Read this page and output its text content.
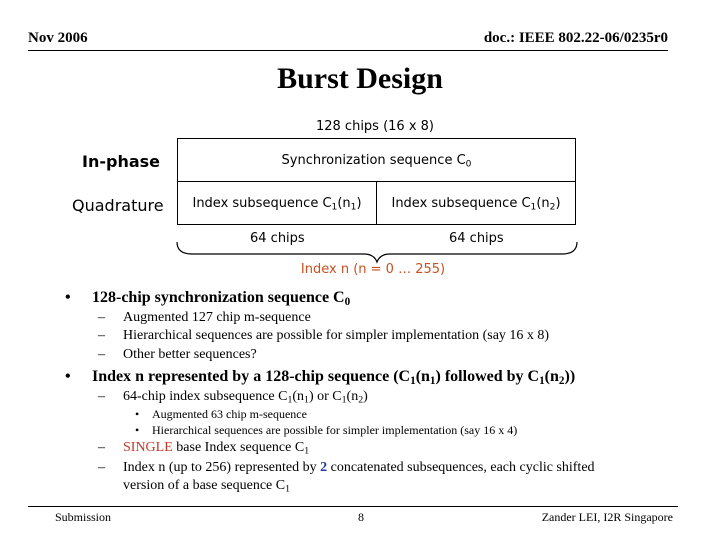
Nov 2006	doc.: IEEE 802.22-06/0235r0
Burst Design
128 chips (16 x 8)
In-phase
Quadrature
Synchronization sequence $C_0$
Index subsequence $C_1(n_1)$ Index subsequence $C_1(n_2)$
64 chips	64 chips
Index n (n = 0 … 255)
• 128-chip synchronization sequence $C_0$
– Augmented 127 chip m-sequence
– Hierarchical sequences are possible for simpler implementation (say 16 x 8)
– Other better sequences?
• Index n represented by a 128-chip sequence ($C_1(n_1)$ followed by $C_1(n_2)$)
– 64-chip index subsequence $C_1(n_1)$ or $C_1(n_2)$
• Augmented 63 chip m-sequence
• Hierarchical sequences are possible for simpler implementation (say 16 x 4)
– SINGLE base Index sequence $C_1$
– Index n (up to 256) represented by 2 concatenated subsequences, each cyclic shifted
version of a base sequence $C_1$
Submission	8	Zander LEI, I2R Singapore
